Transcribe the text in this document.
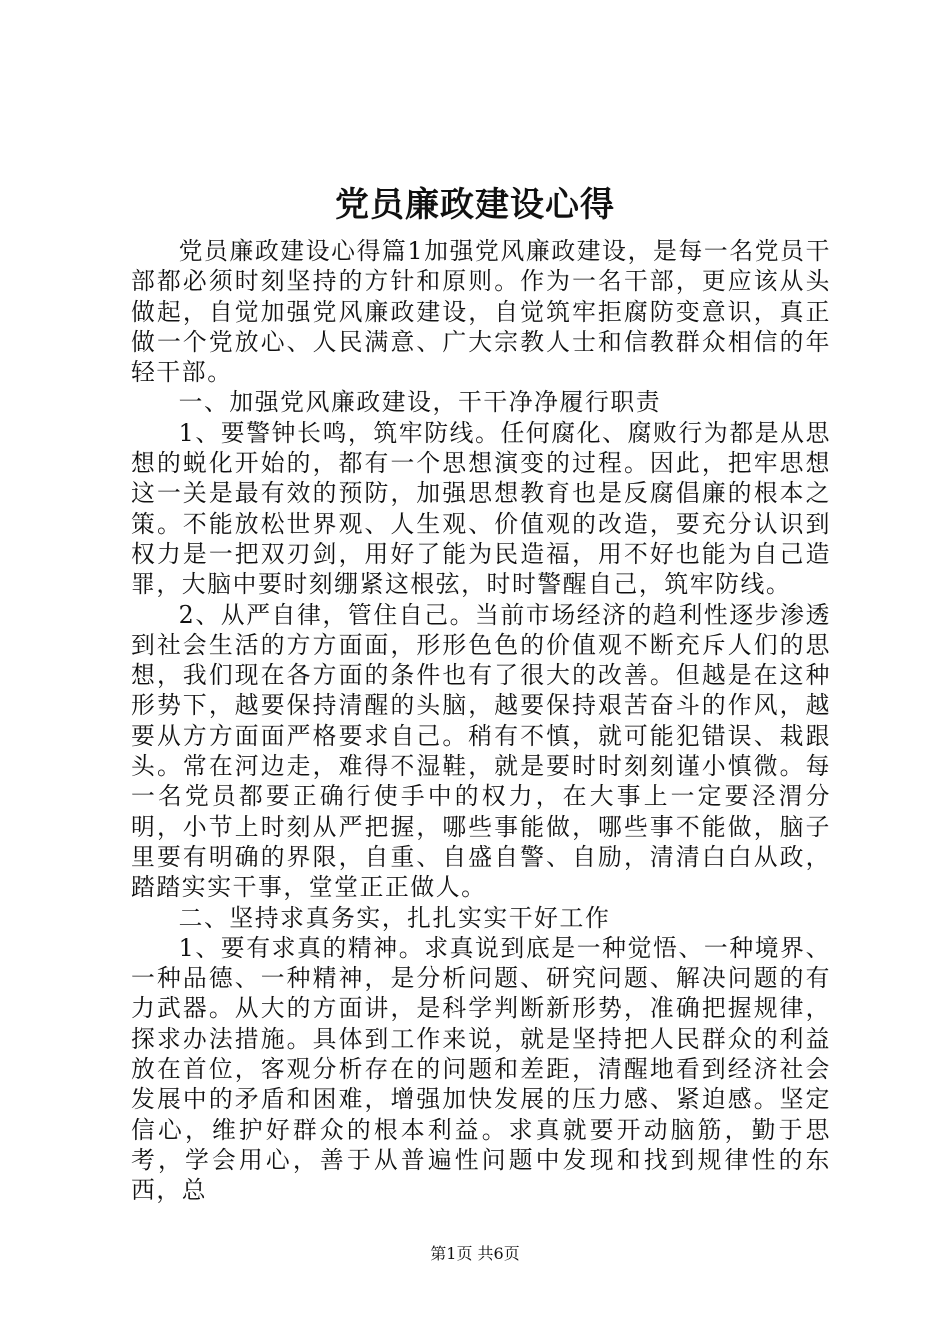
党员廉政建设心得

党员廉政建设心得篇1加强党风廉政建设，是每一名党员干部都必须时刻坚持的方针和原则。作为一名干部，更应该从头做起，自觉加强党风廉政建设，自觉筑牢拒腐防变意识，真正做一个党放心、人民满意、广大宗教人士和信教群众相信的年轻干部。

一、加强党风廉政建设，干干净净履行职责

1、要警钟长鸣，筑牢防线。任何腐化、腐败行为都是从思想的蜕化开始的，都有一个思想演变的过程。因此，把牢思想这一关是最有效的预防，加强思想教育也是反腐倡廉的根本之策。不能放松世界观、人生观、价值观的改造，要充分认识到权力是一把双刃剑，用好了能为民造福，用不好也能为自己造罪，大脑中要时刻绷紧这根弦，时时警醒自己，筑牢防线。

2、从严自律，管住自己。当前市场经济的趋利性逐步渗透到社会生活的方方面面，形形色色的价值观不断充斥人们的思想，我们现在各方面的条件也有了很大的改善。但越是在这种形势下，越要保持清醒的头脑，越要保持艰苦奋斗的作风，越要从方方面面严格要求自己。稍有不慎，就可能犯错误、栽跟头。常在河边走，难得不湿鞋，就是要时时刻刻谨小慎微。每一名党员都要正确行使手中的权力，在大事上一定要泾渭分明，小节上时刻从严把握，哪些事能做，哪些事不能做，脑子里要有明确的界限，自重、自盛自警、自励，清清白白从政，踏踏实实干事，堂堂正正做人。

二、坚持求真务实，扎扎实实干好工作

1、要有求真的精神。求真说到底是一种觉悟、一种境界、一种品德、一种精神，是分析问题、研究问题、解决问题的有力武器。从大的方面讲，是科学判断新形势，准确把握规律，探求办法措施。具体到工作来说，就是坚持把人民群众的利益放在首位，客观分析存在的问题和差距，清醒地看到经济社会发展中的矛盾和困难，增强加快发展的压力感、紧迫感。坚定信心，维护好群众的根本利益。求真就要开动脑筋，勤于思考，学会用心，善于从普遍性问题中发现和找到规律性的东西，总

第1页 共6页
